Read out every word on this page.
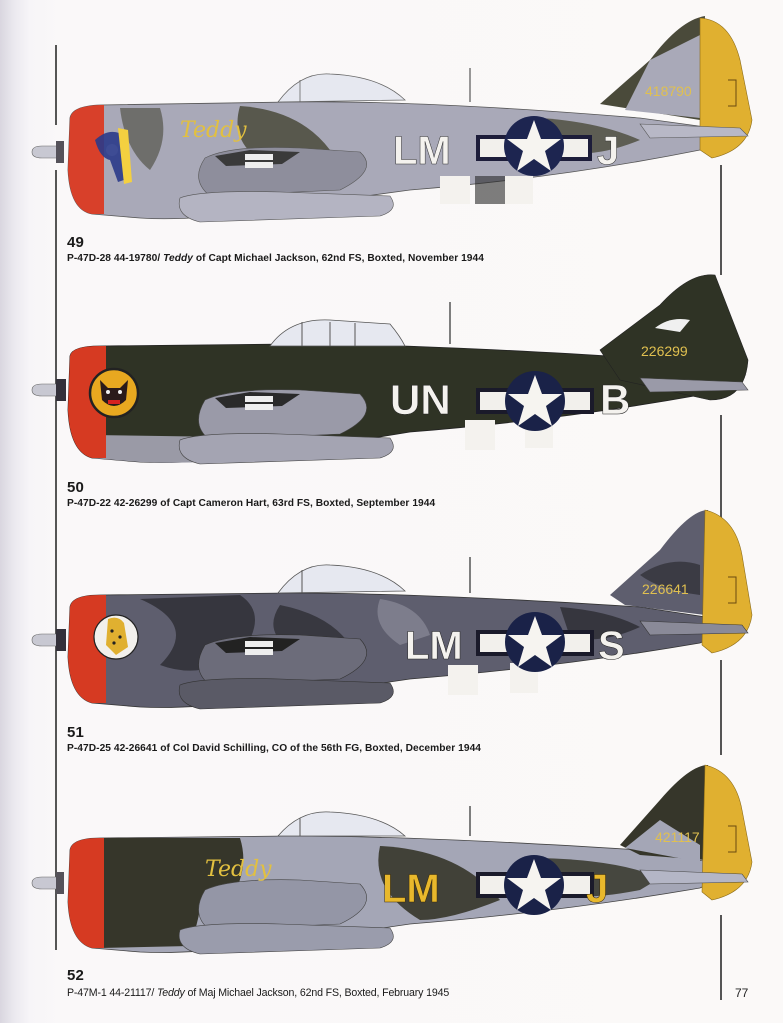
LM	J
418790
Teddy
49
P-47D-28 44-19780/ Teddy of Capt Michael Jackson, 62nd FS, Boxted, November 1944
UN	B
226299
50
P-47D-22 42-26299 of Capt Cameron Hart, 63rd FS, Boxted, September 1944
LM	S
226641
51
P-47D-25 42-26641 of Col David Schilling, CO of the 56th FG, Boxted, December 1944
LM	J
421117
Teddy
52
P-47M-1 44-21117/ Teddy of Maj Michael Jackson, 62nd FS, Boxted, February 1945	77
